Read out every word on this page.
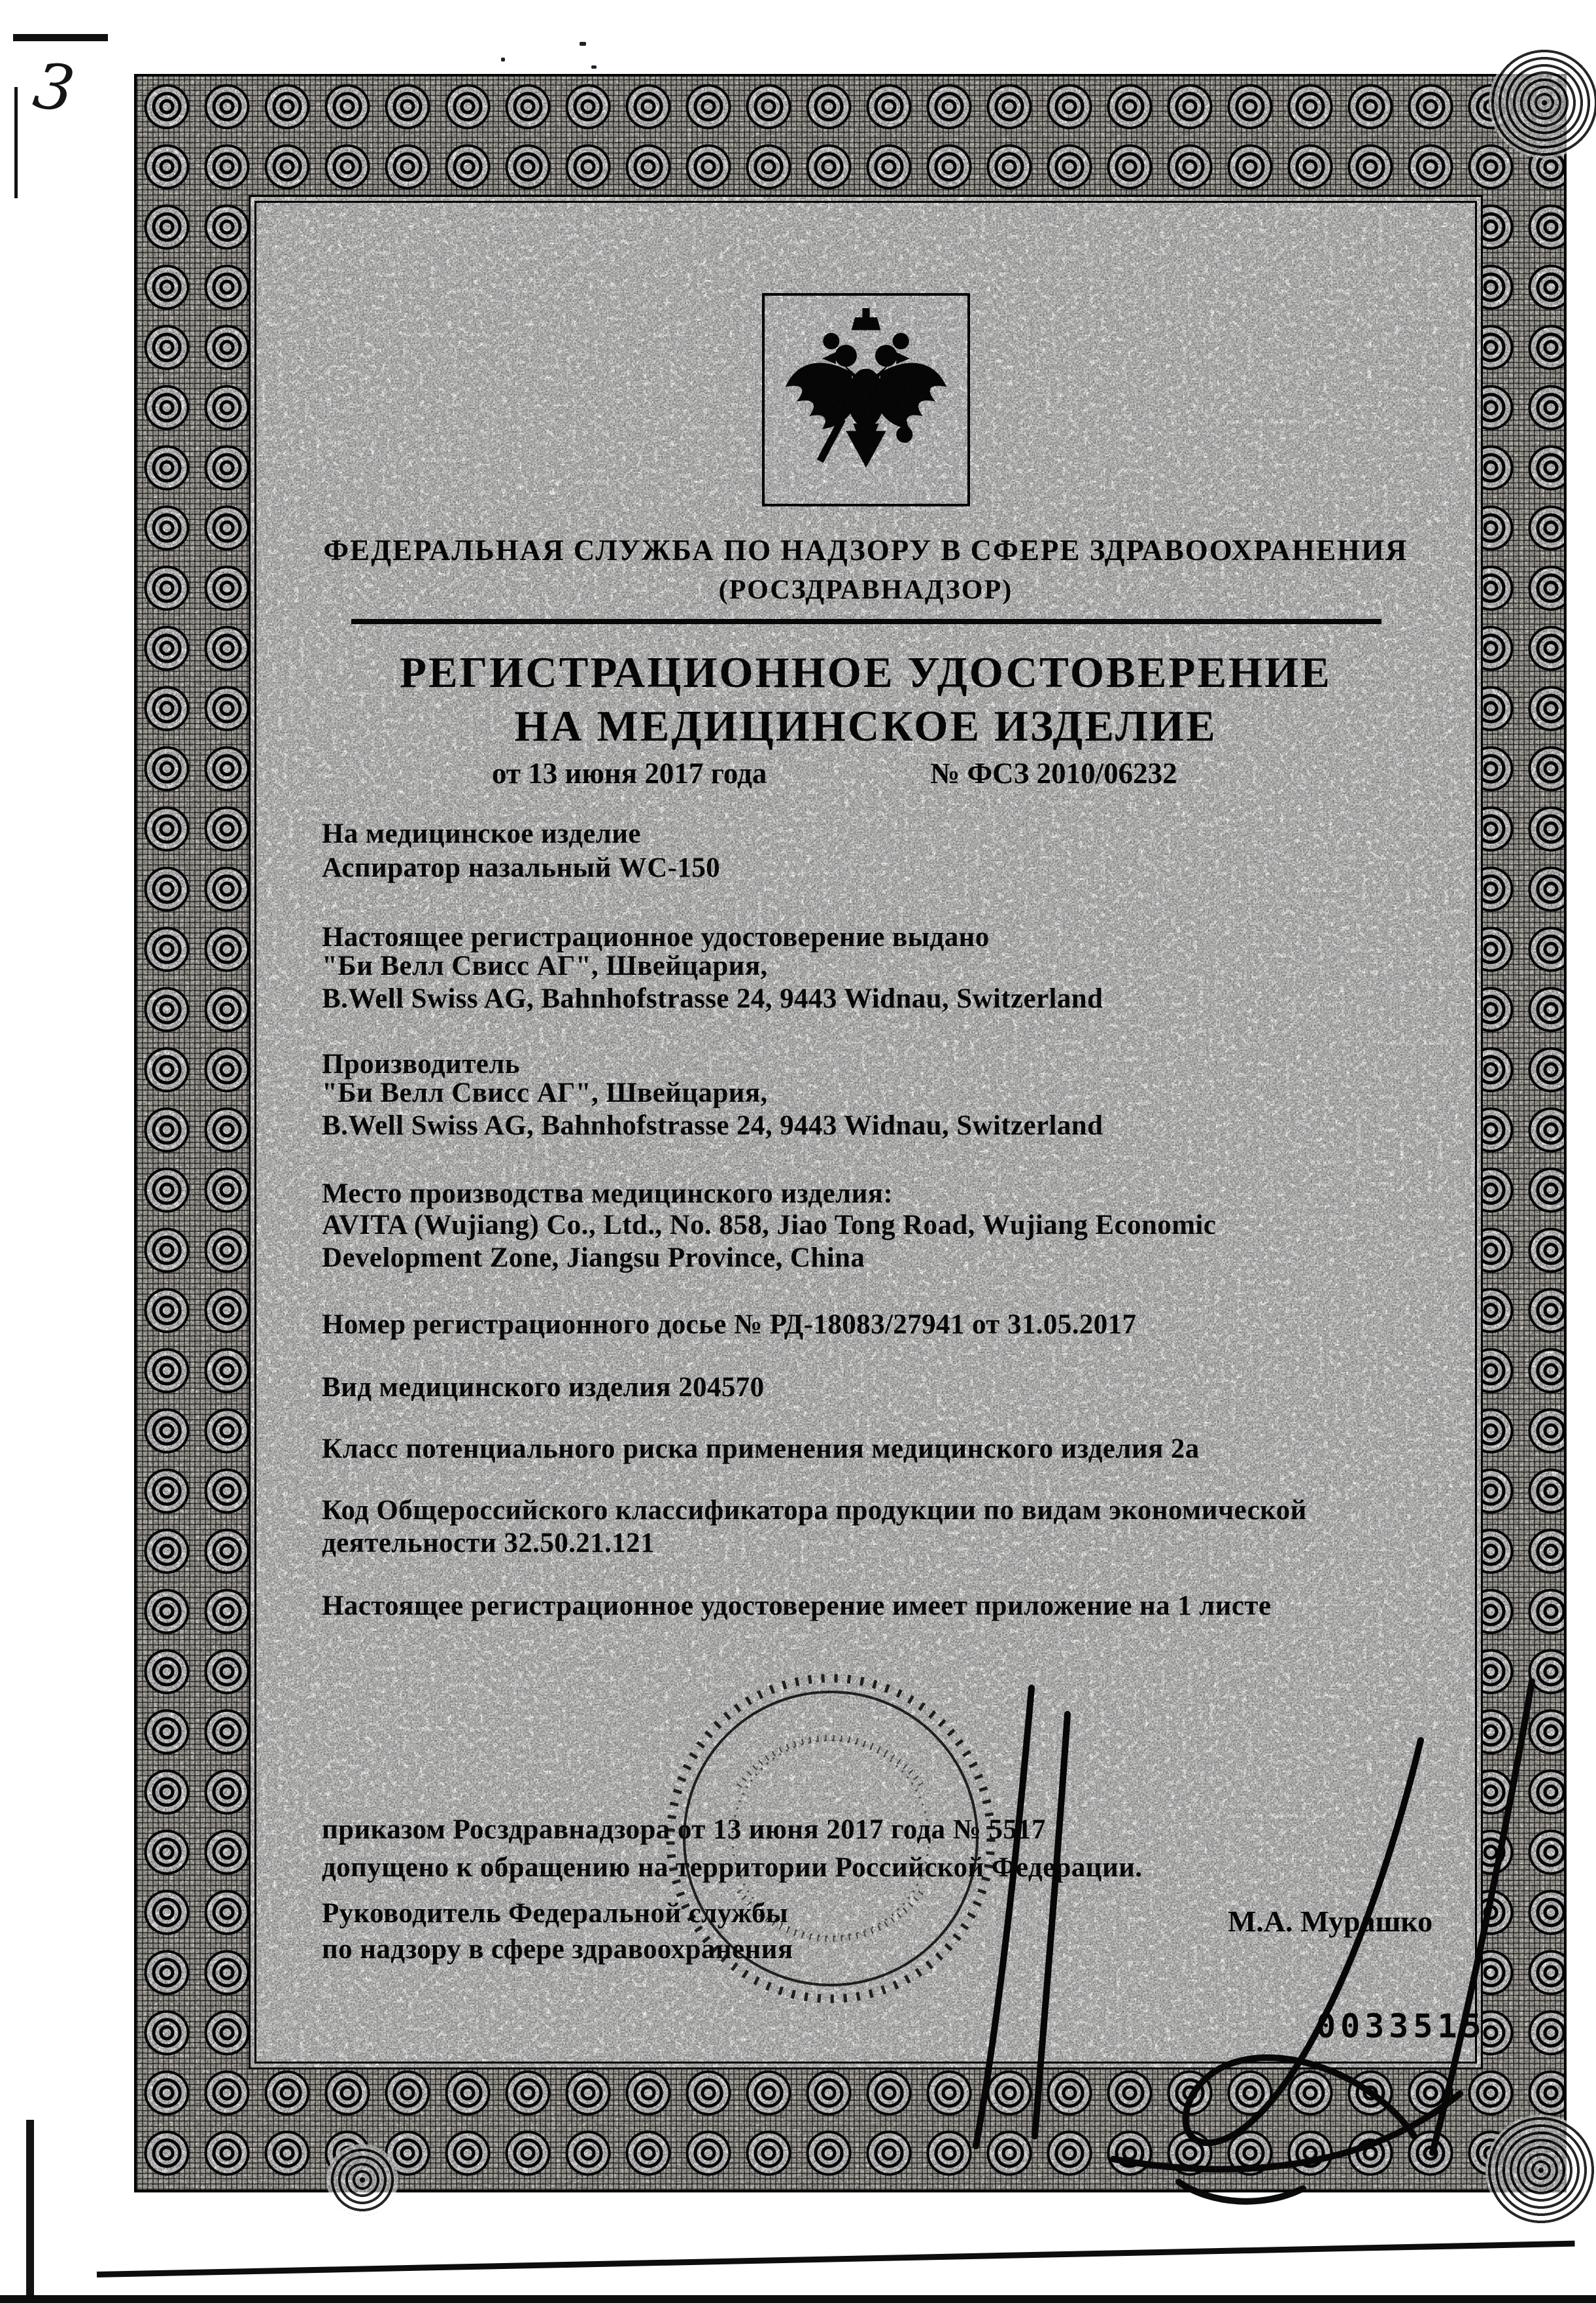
3
ФЕДЕРАЛЬНАЯ СЛУЖБА ПО НАДЗОРУ В СФЕРЕ ЗДРАВООХРАНЕНИЯ
(РОСЗДРАВНАДЗОР)
РЕГИСТРАЦИОННОЕ УДОСТОВЕРЕНИЕ
НА МЕДИЦИНСКОЕ ИЗДЕЛИЕ
от 13 июня 2017 года	№ ФСЗ 2010/06232
На медицинское изделие
Аспиратор назальный WC-150
Настоящее регистрационное удостоверение выдано
"Би Велл Свисс АГ", Швейцария,
B.Well Swiss AG, Bahnhofstrasse 24, 9443 Widnau, Switzerland
Производитель
"Би Велл Свисс АГ", Швейцария,
B.Well Swiss AG, Bahnhofstrasse 24, 9443 Widnau, Switzerland
Место производства медицинского изделия:
AVITA (Wujiang) Co., Ltd., No. 858, Jiao Tong Road, Wujiang Economic
Development Zone, Jiangsu Province, China
Номер регистрационного досье № РД-18083/27941 от 31.05.2017
Вид медицинского изделия 204570
Класс потенциального риска применения медицинского изделия 2а
Код Общероссийского классификатора продукции по видам экономической
деятельности 32.50.21.121
Настоящее регистрационное удостоверение имеет приложение на 1 листе
приказом Росздравнадзора от 13 июня 2017 года № 5517
допущено к обращению на территории Российской Федерации.
Руководитель Федеральной службы
по надзору в сфере здравоохранения
М.А. Мурашко
0033515
